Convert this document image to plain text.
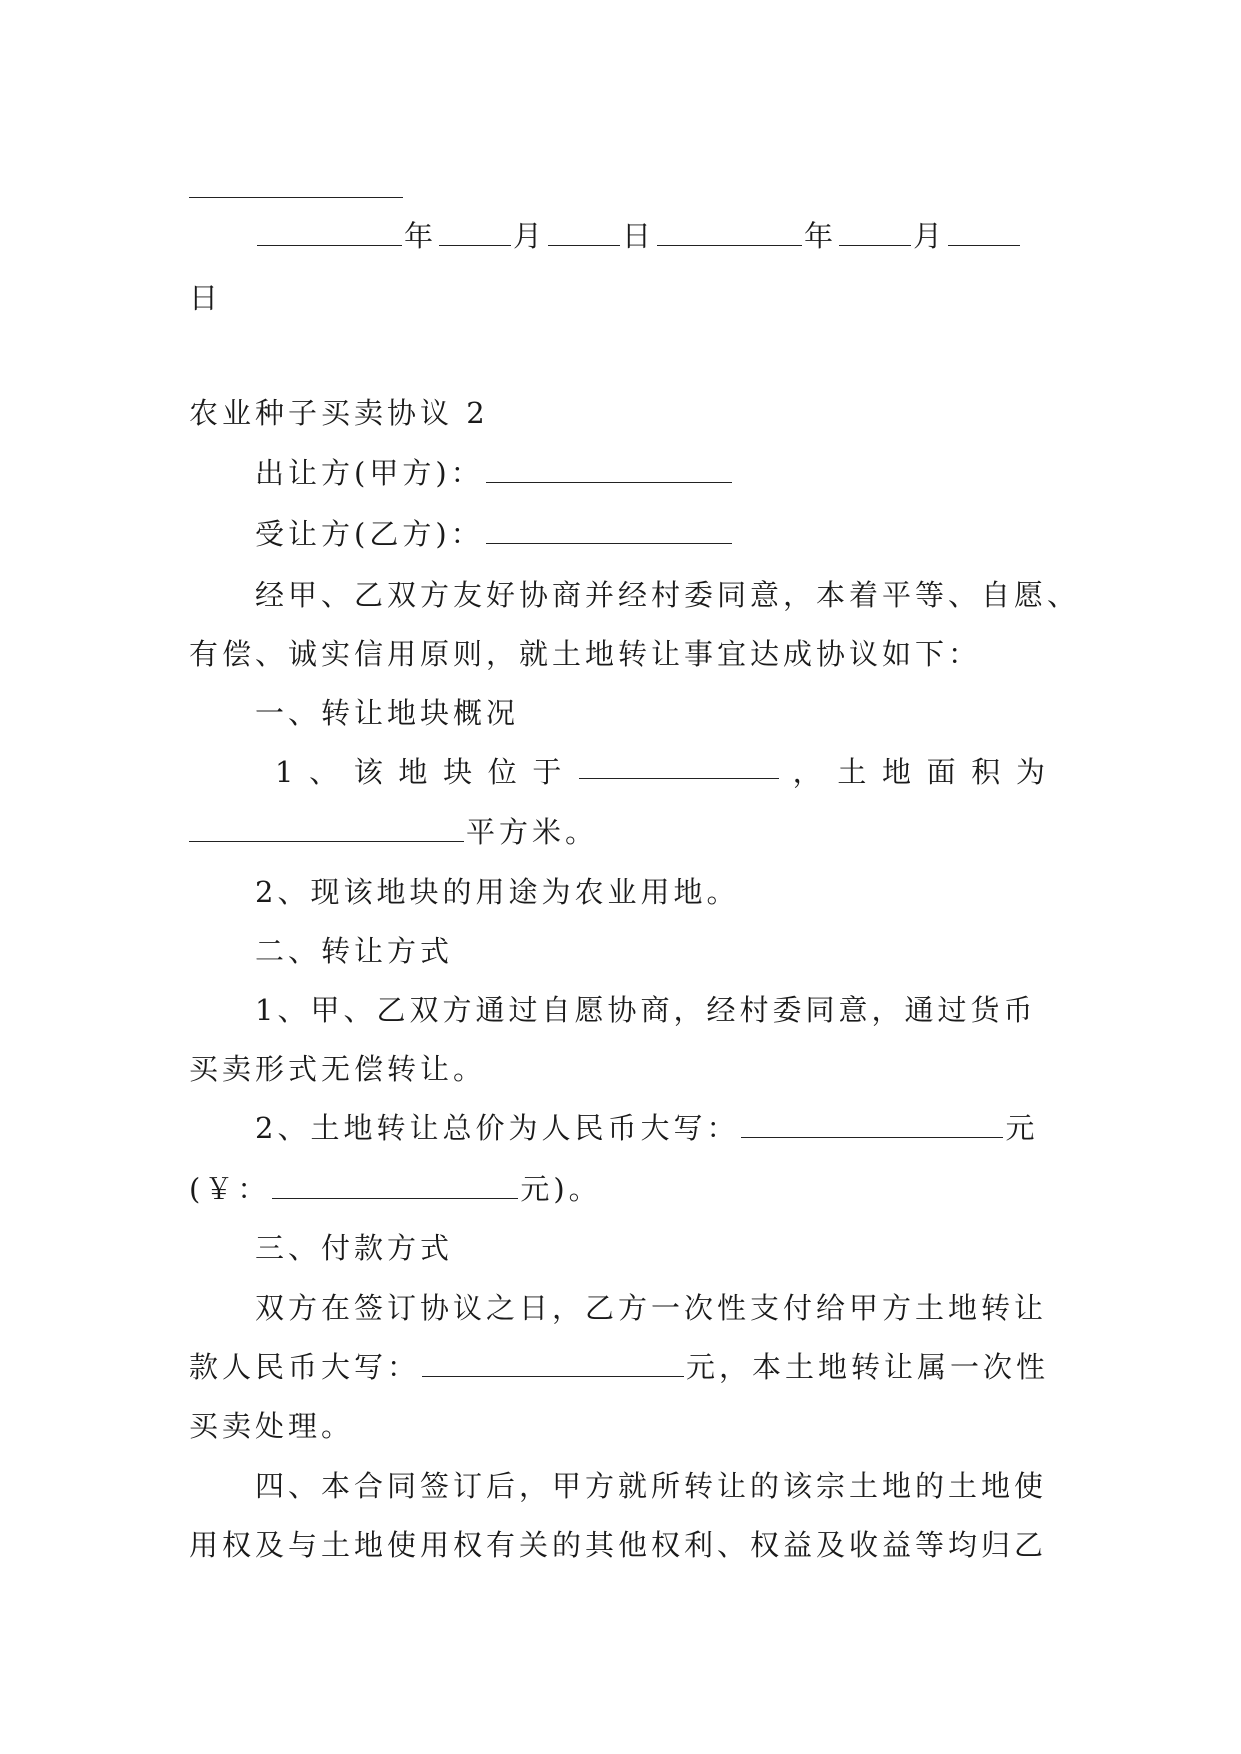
年	月	日	年	月
日
农业种子买卖协议 2
出让方(甲方)：
受让方(乙方)：
经甲、乙双方友好协商并经村委同意，本着平等、自愿、
有偿、诚实信用原则，就土地转让事宜达成协议如下：
一、转让地块概况
1 、 该 地 块 位 于	， 土 地 面 积 为
平方米。
2、现该地块的用途为农业用地。
二、转让方式
1、甲、乙双方通过自愿协商，经村委同意，通过货币
买卖形式无偿转让。
2、土地转让总价为人民币大写：	元
(￥：	元)。
三、付款方式
双方在签订协议之日，乙方一次性支付给甲方土地转让
款人民币大写：	元，本土地转让属一次性
买卖处理。
四、本合同签订后，甲方就所转让的该宗土地的土地使
用权及与土地使用权有关的其他权利、权益及收益等均归乙
